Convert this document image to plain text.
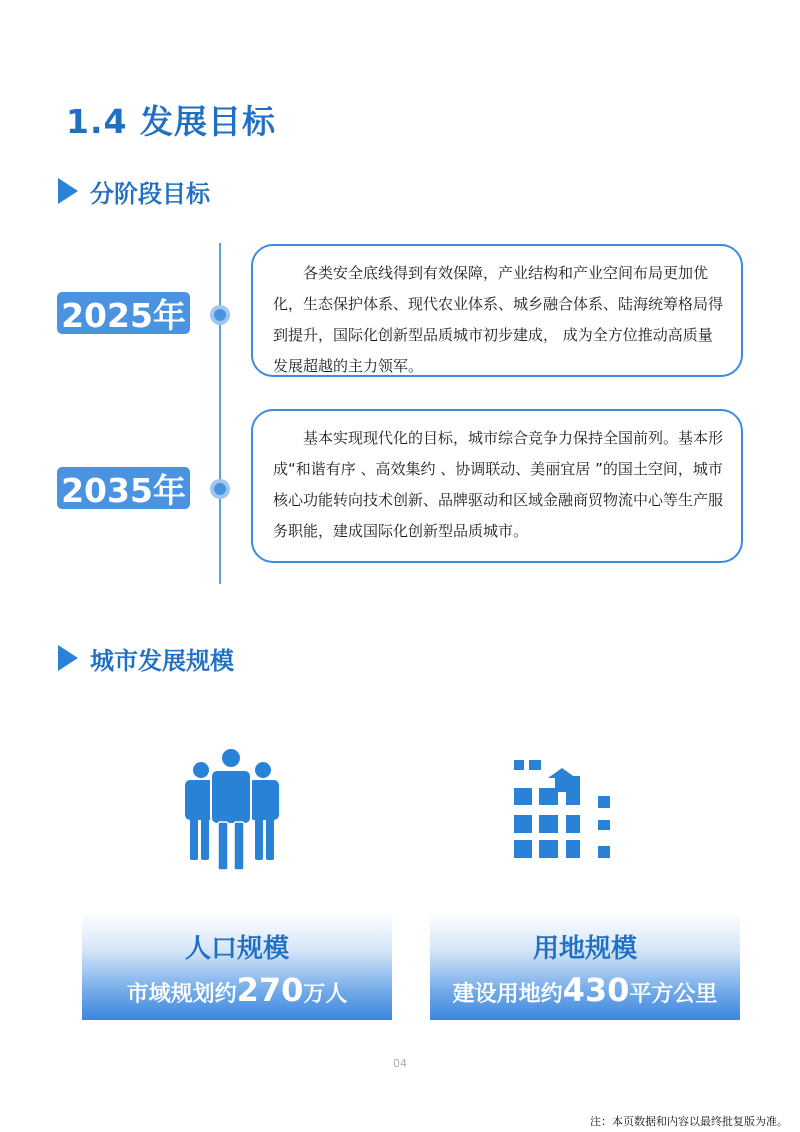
1.4 发展目标
分阶段目标
2025年
各类安全底线得到有效保障，产业结构和产业空间布局更加优化，生态保护体系、现代农业体系、城乡融合体系、陆海统筹格局得到提升，国际化创新型品质城市初步建成， 成为全方位推动高质量发展超越的主力领军。
2035年
基本实现现代化的目标，城市综合竞争力保持全国前列。基本形成“和谐有序 、高效集约 、协调联动、美丽宜居 ”的国土空间，城市核心功能转向技术创新、品牌驱动和区域金融商贸物流中心等生产服务职能，建成国际化创新型品质城市。
城市发展规模
人口规模
市域规划约270万人
用地规模
建设用地约430平方公里
04
注：本页数据和内容以最终批复版为准。
